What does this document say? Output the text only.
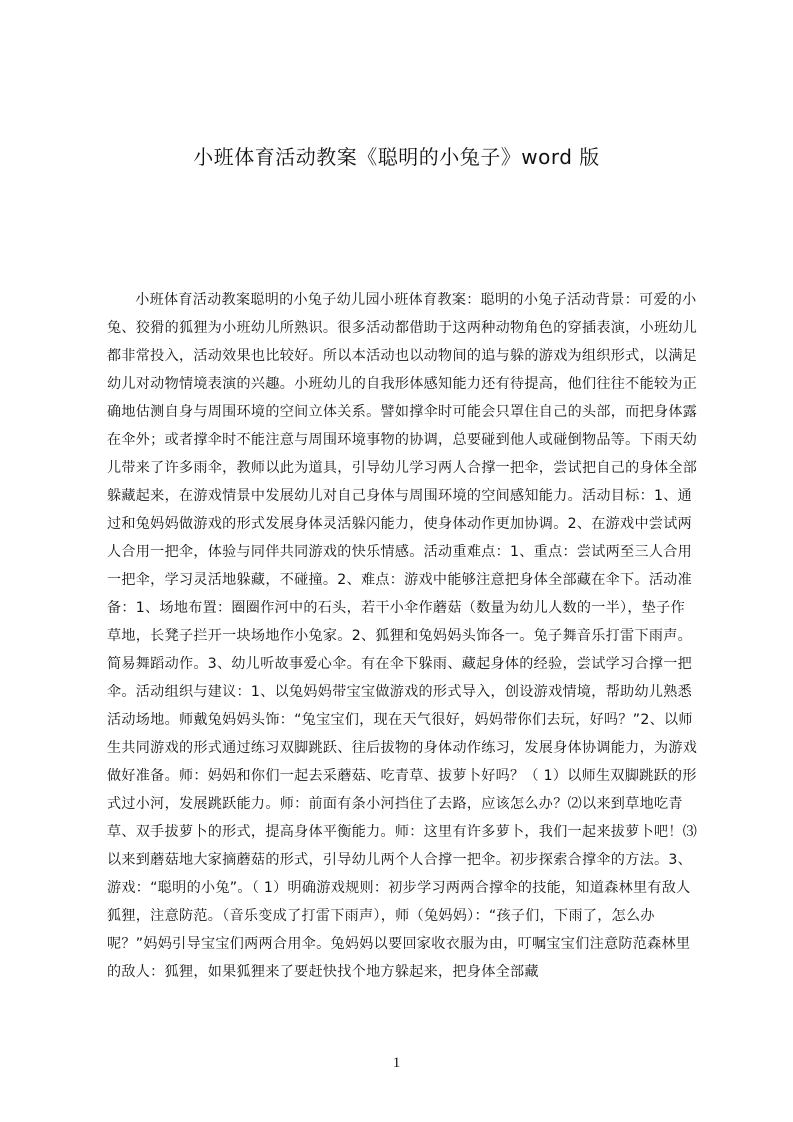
小班体育活动教案《聪明的小兔子》word 版

小班体育活动教案聪明的小兔子幼儿园小班体育教案：聪明的小兔子活动背景：可爱的小兔、狡猾的狐狸为小班幼儿所熟识。很多活动都借助于这两种动物角色的穿插表演，小班幼儿都非常投入，活动效果也比较好。所以本活动也以动物间的追与躲的游戏为组织形式，以满足幼儿对动物情境表演的兴趣。小班幼儿的自我形体感知能力还有待提高，他们往往不能较为正确地估测自身与周围环境的空间立体关系。譬如撑伞时可能会只罩住自己的头部，而把身体露在伞外；或者撑伞时不能注意与周围环境事物的协调，总要碰到他人或碰倒物品等。下雨天幼儿带来了许多雨伞，教师以此为道具，引导幼儿学习两人合撑一把伞，尝试把自己的身体全部躲藏起来，在游戏情景中发展幼儿对自己身体与周围环境的空间感知能力。活动目标：1、通过和兔妈妈做游戏的形式发展身体灵活躲闪能力，使身体动作更加协调。2、在游戏中尝试两人合用一把伞，体验与同伴共同游戏的快乐情感。活动重难点：1、重点：尝试两至三人合用一把伞，学习灵活地躲藏，不碰撞。2、难点：游戏中能够注意把身体全部藏在伞下。活动准备：1、场地布置：圈圈作河中的石头，若干小伞作蘑菇（数量为幼儿人数的一半），垫子作草地，长凳子拦开一块场地作小兔家。2、狐狸和兔妈妈头饰各一。兔子舞音乐打雷下雨声。简易舞蹈动作。3、幼儿听故事爱心伞。有在伞下躲雨、藏起身体的经验，尝试学习合撑一把伞。活动组织与建议：1、以兔妈妈带宝宝做游戏的形式导入，创设游戏情境，帮助幼儿熟悉活动场地。师戴兔妈妈头饰：“兔宝宝们，现在天气很好，妈妈带你们去玩，好吗？”2、以师生共同游戏的形式通过练习双脚跳跃、往后拔物的身体动作练习，发展身体协调能力，为游戏做好准备。师：妈妈和你们一起去采蘑菇、吃青草、拔萝卜好吗？（ 1）以师生双脚跳跃的形式过小河，发展跳跃能力。师：前面有条小河挡住了去路，应该怎么办？⑵以来到草地吃青草、双手拔萝卜的形式，提高身体平衡能力。师：这里有许多萝卜，我们一起来拔萝卜吧！⑶以来到蘑菇地大家摘蘑菇的形式，引导幼儿两个人合撑一把伞。初步探索合撑伞的方法。3、游戏：“聪明的小兔”。（ 1）明确游戏规则：初步学习两两合撑伞的技能，知道森林里有敌人狐狸，注意防范。（音乐变成了打雷下雨声），师（兔妈妈）：“孩子们，下雨了，怎么办呢？”妈妈引导宝宝们两两合用伞。兔妈妈以要回家收衣服为由，叮嘱宝宝们注意防范森林里的敌人：狐狸，如果狐狸来了要赶快找个地方躲起来，把身体全部藏

1
